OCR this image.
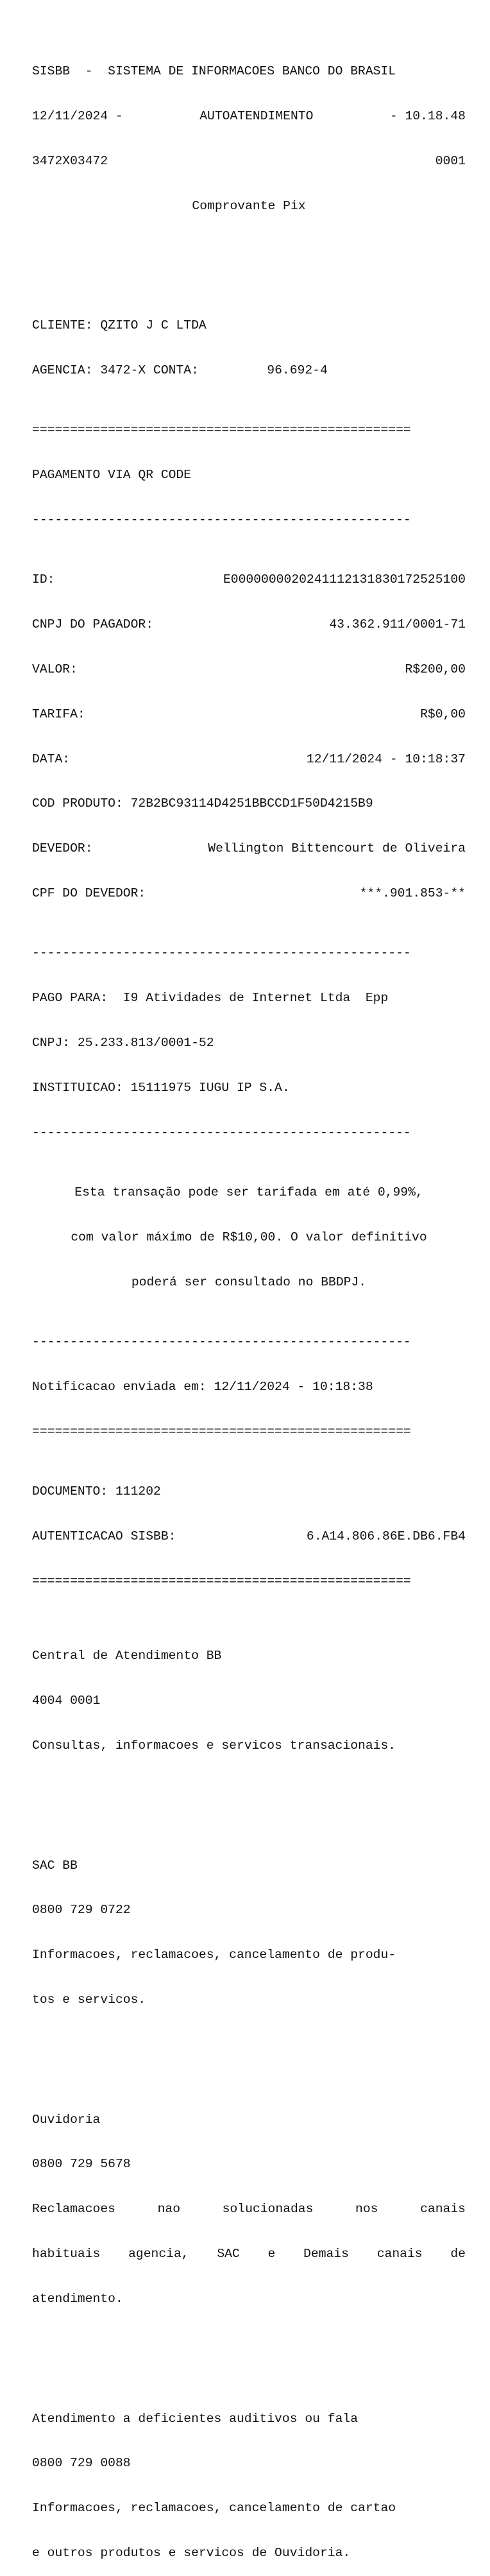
SISBB  -  SISTEMA DE INFORMACOES BANCO DO BRASIL

12/11/2024 -	AUTOATENDIMENTO	- 10.18.48

3472X03472	0001

Comprovante Pix

CLIENTE: QZITO J C LTDA

AGENCIA: 3472-X CONTA:	96.692-4

==================================================

PAGAMENTO VIA QR CODE

--------------------------------------------------

ID:	E0000000020241112131830172525100

CNPJ DO PAGADOR:	43.362.911/0001-71

VALOR:	R$200,00

TARIFA:	R$0,00

DATA:	12/11/2024 - 10:18:37

COD PRODUTO: 72B2BC93114D4251BBCCD1F50D4215B9

DEVEDOR:	Wellington Bittencourt de Oliveira

CPF DO DEVEDOR:	***.901.853-**

--------------------------------------------------

PAGO PARA:  I9 Atividades de Internet Ltda  Epp

CNPJ: 25.233.813/0001-52

INSTITUICAO: 15111975 IUGU IP S.A.

--------------------------------------------------

Esta transação pode ser tarifada em até 0,99%,

com valor máximo de R$10,00. O valor definitivo

poderá ser consultado no BBDPJ.

--------------------------------------------------

Notificacao enviada em: 12/11/2024 - 10:18:38

==================================================

DOCUMENTO: 111202

AUTENTICACAO SISBB:	6.A14.806.86E.DB6.FB4

==================================================

Central de Atendimento BB

4004 0001

Consultas, informacoes e servicos transacionais.

SAC BB

0800 729 0722

Informacoes, reclamacoes, cancelamento de produ-

tos e servicos.

Ouvidoria

0800 729 5678

Reclamacoes	nao	solucionadas	nos	canais

habituais agencia, SAC e Demais canais de

atendimento.

Atendimento a deficientes auditivos ou fala

0800 729 0088

Informacoes, reclamacoes, cancelamento de cartao

e outros produtos e servicos de Ouvidoria.
